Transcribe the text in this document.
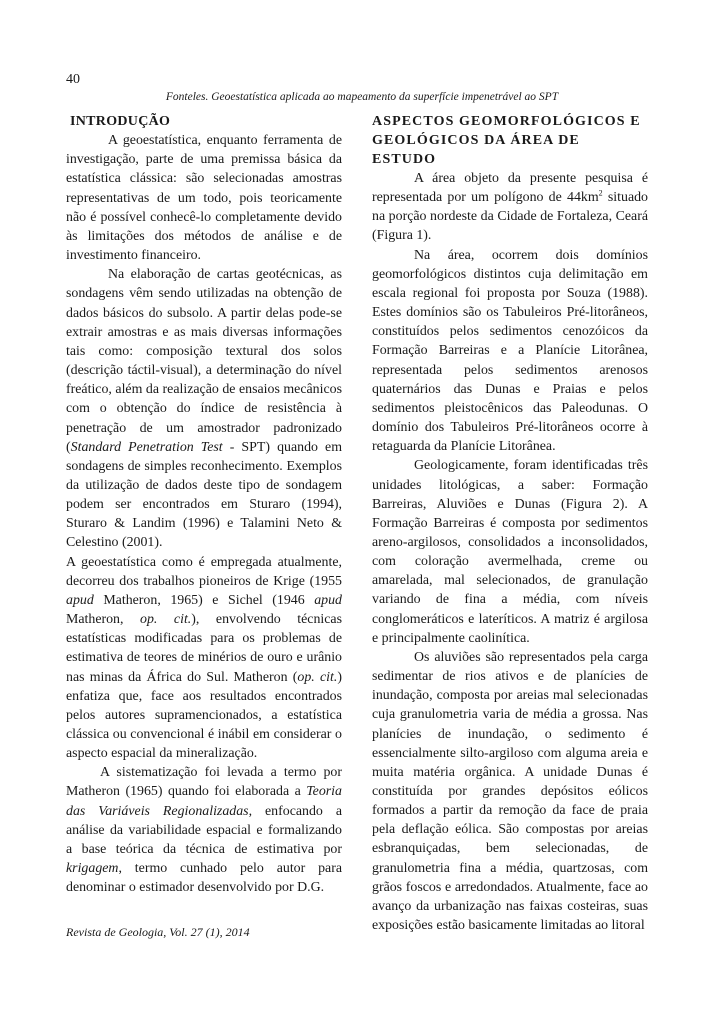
40
Fonteles. Geoestatística aplicada ao mapeamento da superfície impenetrável ao SPT
INTRODUÇÃO

A geoestatística, enquanto ferramenta de investigação, parte de uma premissa básica da estatística clássica: são selecionadas amostras representativas de um todo, pois teoricamente não é possível conhecê-lo completamente devido às limitações dos métodos de análise e de investimento financeiro.

Na elaboração de cartas geotécnicas, as sondagens vêm sendo utilizadas na obtenção de dados básicos do subsolo. A partir delas pode-se extrair amostras e as mais diversas informações tais como: composição textural dos solos (descrição táctil-visual), a determinação do nível freático, além da realização de ensaios mecânicos com o obtenção do índice de resistência à penetração de um amostrador padronizado (Standard Penetration Test - SPT) quando em sondagens de simples reconhecimento. Exemplos da utilização de dados deste tipo de sondagem podem ser encontrados em Sturaro (1994), Sturaro & Landim (1996) e Talamini Neto & Celestino (2001).

A geoestatística como é empregada atualmente, decorreu dos trabalhos pioneiros de Krige (1955 apud Matheron, 1965) e Sichel (1946 apud Matheron, op. cit.), envolvendo técnicas estatísticas modificadas para os problemas de estimativa de teores de minérios de ouro e urânio nas minas da África do Sul. Matheron (op. cit.) enfatiza que, face aos resultados encontrados pelos autores supramencionados, a estatística clássica ou convencional é inábil em considerar o aspecto espacial da mineralização.

A sistematização foi levada a termo por Matheron (1965) quando foi elaborada a Teoria das Variáveis Regionalizadas, enfocando a análise da variabilidade espacial e formalizando a base teórica da técnica de estimativa por krigagem, termo cunhado pelo autor para denominar o estimador desenvolvido por D.G.

ASPECTOS GEOMORFOLÓGICOS E GEOLÓGICOS DA ÁREA DE ESTUDO

A área objeto da presente pesquisa é representada por um polígono de $44km^2$ situado na porção nordeste da Cidade de Fortaleza, Ceará (Figura 1).

Na área, ocorrem dois domínios geomorfológicos distintos cuja delimitação em escala regional foi proposta por Souza (1988). Estes domínios são os Tabuleiros Pré-litorâneos, constituídos pelos sedimentos cenozóicos da Formação Barreiras e a Planície Litorânea, representada pelos sedimentos arenosos quaternários das Dunas e Praias e pelos sedimentos pleistocênicos das Paleodunas. O domínio dos Tabuleiros Pré-litorâneos ocorre à retaguarda da Planície Litorânea.

Geologicamente, foram identificadas três unidades litológicas, a saber: Formação Barreiras, Aluviões e Dunas (Figura 2). A Formação Barreiras é composta por sedimentos areno-argilosos, consolidados a inconsolidados, com coloração avermelhada, creme ou amarelada, mal selecionados, de granulação variando de fina a média, com níveis conglomeráticos e lateríticos. A matriz é argilosa e principalmente caolinítica.

Os aluviões são representados pela carga sedimentar de rios ativos e de planícies de inundação, composta por areias mal selecionadas cuja granulometria varia de média a grossa. Nas planícies de inundação, o sedimento é essencialmente silto-argiloso com alguma areia e muita matéria orgânica. A unidade Dunas é constituída por grandes depósitos eólicos formados a partir da remoção da face de praia pela deflação eólica. São compostas por areias esbranquiçadas, bem selecionadas, de granulometria fina a média, quartzosas, com grãos foscos e arredondados. Atualmente, face ao avanço da urbanização nas faixas costeiras, suas exposições estão basicamente limitadas ao litoral

Revista de Geologia, Vol. 27 (1), 2014
